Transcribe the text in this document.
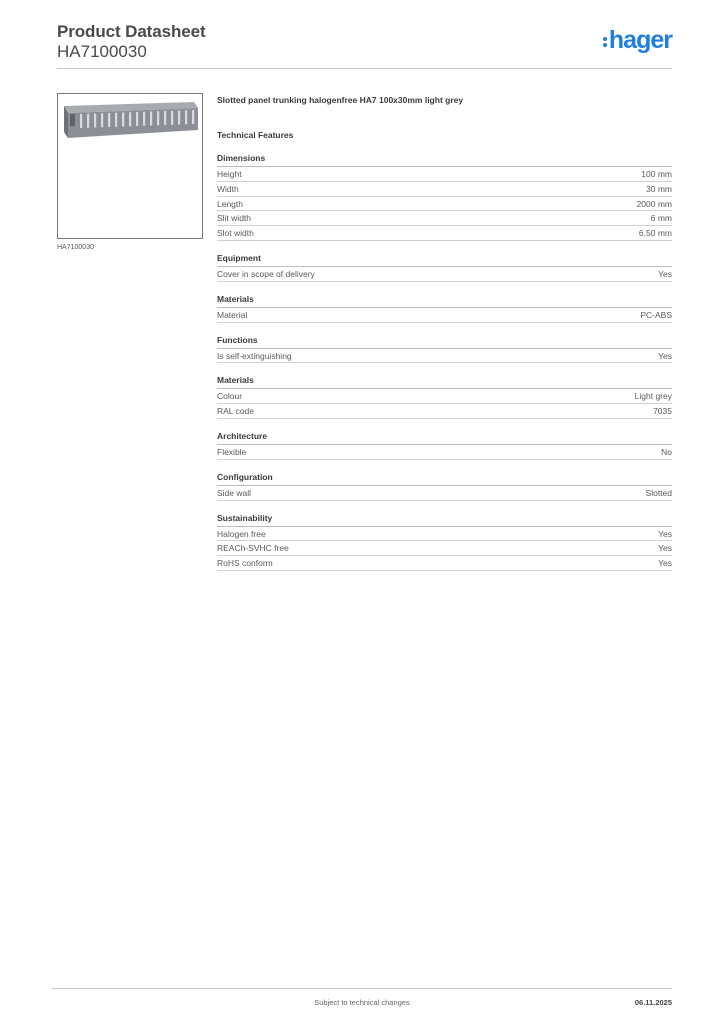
Product Datasheet
HA7100030	hager
HA7100030
Slotted panel trunking halogenfree HA7 100x30mm light grey
Technical Features
Dimensions
Height	100 mm
Width	30 mm
Length	2000 mm
Slit width	6 mm
Slot width	6.50 mm
Equipment
Cover in scope of delivery	Yes
Materials
Material	PC-ABS
Functions
Is self-extinguishing	Yes
Materials
Colour	Light grey
RAL code	7035
Architecture
Flexible	No
Configuration
Side wall	Slotted
Sustainability
Halogen free	Yes
REACh-SVHC free	Yes
RoHS conform	Yes
Subject to technical changes	06.11.2025
